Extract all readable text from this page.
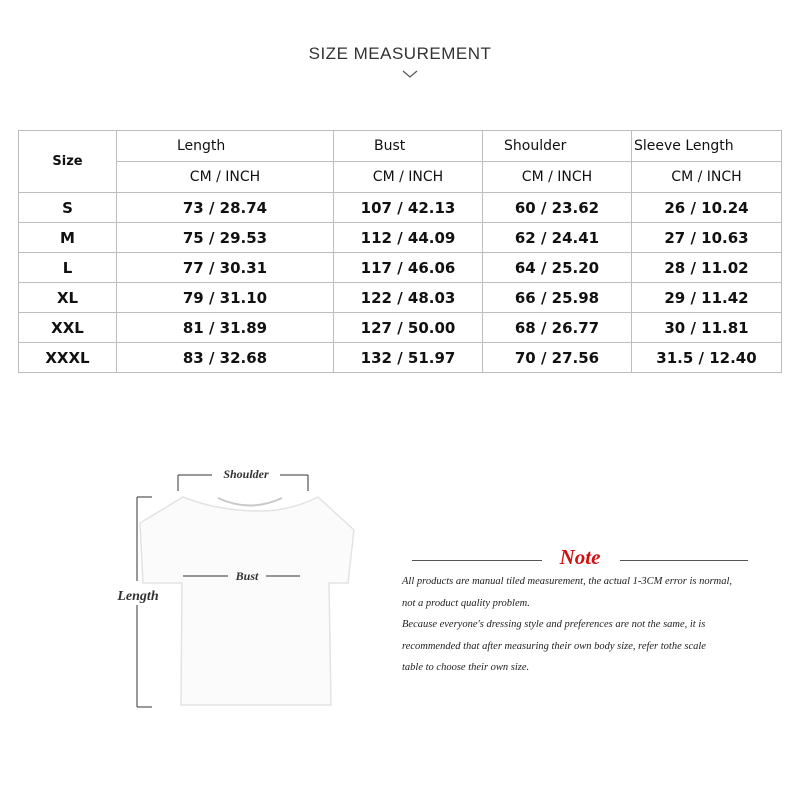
SIZE MEASUREMENT
Size	Length	Bust	Shoulder	Sleeve Length
	CM / INCH	CM / INCH	CM / INCH	CM / INCH
S	73 / 28.74	107 / 42.13	60 / 23.62	26 / 10.24
M	75 / 29.53	112 / 44.09	62 / 24.41	27 / 10.63
L	77 / 30.31	117 / 46.06	64 / 25.20	28 / 11.02
XL	79 / 31.10	122 / 48.03	66 / 25.98	29 / 11.42
XXL	81 / 31.89	127 / 50.00	68 / 26.77	30 / 11.81
XXXL	83 / 32.68	132 / 51.97	70 / 27.56	31.5 / 12.40
Shoulder
Bust
Length
Note

All products are manual tiled measurement, the actual 1-3CM error is normal,

not a product quality problem.

Because everyone's dressing style and preferences are not the same, it is

recommended that after measuring their own body size, refer tothe scale

table to choose their own size.
